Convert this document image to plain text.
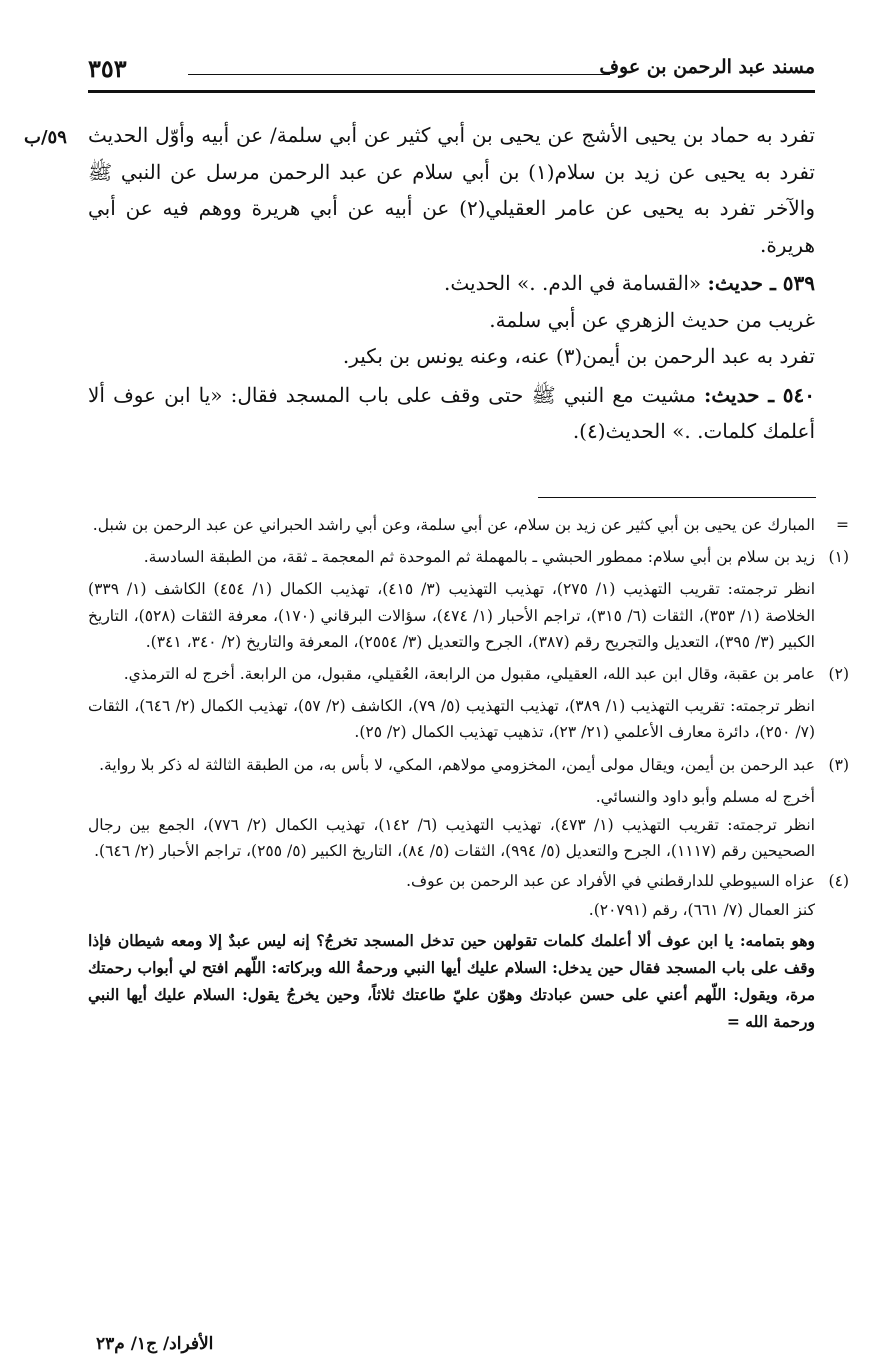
مسند عبد الرحمن بن عوف
٣٥٣
٥٩/ب تفرد به حماد بن يحيى الأشج عن يحيى بن أبي كثير عن أبي سلمة/ عن أبيه وأوّل الحديث تفرد به يحيى عن زيد بن سلام(١) بن أبي سلام عن عبد الرحمن مرسل عن النبي ﷺ والآخر تفرد به يحيى عن عامر العقيلي(٢) عن أبيه عن أبي هريرة ووهم فيه عن أبي هريرة.

٥٣٩ ـ حديث: «القسامة في الدم. .» الحديث.

غريب من حديث الزهري عن أبي سلمة.

تفرد به عبد الرحمن بن أيمن(٣) عنه، وعنه يونس بن بكير.

٥٤٠ ـ حديث: مشيت مع النبي ﷺ حتى وقف على باب المسجد فقال: «يا ابن عوف ألا أعلمك كلمات. .» الحديث(٤).

=

المبارك عن يحيى بن أبي كثير عن زيد بن سلام، عن أبي سلمة، وعن أبي راشد الحبراني عن عبد الرحمن بن شبل.

(١)

زيد بن سلام بن أبي سلام: ممطور الحبشي ـ بالمهملة ثم الموحدة ثم المعجمة ـ ثقة، من الطبقة السادسة.

انظر ترجمته: تقريب التهذيب (١/ ٢٧٥)، تهذيب التهذيب (٣/ ٤١٥)، تهذيب الكمال (١/ ٤٥٤) الكاشف (١/ ٣٣٩) الخلاصة (١/ ٣٥٣)، الثقات (٦/ ٣١٥)، تراجم الأحبار (١/ ٤٧٤)، سؤالات البرقاني (١٧٠)، معرفة الثقات (٥٢٨)، التاريخ الكبير (٣/ ٣٩٥)، التعديل والتجريح رقم (٣٨٧)، الجرح والتعديل (٣/ ٢٥٥٤)، المعرفة والتاريخ (٢/ ٣٤٠، ٣٤١).

(٢)

عامر بن عقبة، وقال ابن عبد الله، العقيلي، مقبول من الرابعة، العُقيلي، مقبول، من الرابعة. أخرج له الترمذي.

انظر ترجمته: تقريب التهذيب (١/ ٣٨٩)، تهذيب التهذيب (٥/ ٧٩)، الكاشف (٢/ ٥٧)، تهذيب الكمال (٢/ ٦٤٦)، الثقات (٧/ ٢٥٠)، دائرة معارف الأعلمي (٢١/ ٢٣)، تذهيب تهذيب الكمال (٢/ ٢٥).

(٣)

عبد الرحمن بن أيمن، ويقال مولى أيمن، المخزومي مولاهم، المكي، لا بأس به، من الطبقة الثالثة له ذكر بلا رواية.

أخرج له مسلم وأبو داود والنسائي.

انظر ترجمته: تقريب التهذيب (١/ ٤٧٣)، تهذيب التهذيب (٦/ ١٤٢)، تهذيب الكمال (٢/ ٧٧٦)، الجمع بين رجال الصحيحين رقم (١١١٧)، الجرح والتعديل (٥/ ٩٩٤)، الثقات (٥/ ٨٤)، التاريخ الكبير (٥/ ٢٥٥)، تراجم الأحبار (٢/ ٦٤٦).

(٤)

عزاه السيوطي للدارقطني في الأفراد عن عبد الرحمن بن عوف.

كنز العمال (٧/ ٦٦١)، رقم (٢٠٧٩١).

وهو بتمامه: يا ابن عوف ألا أعلمك كلمات تقولهن حين تدخل المسجد تخرجُ؟ إنه ليس عبدٌ إلا ومعه شيطان فإذا وقف على باب المسجد فقال حين يدخل: السلام عليك أيها النبي ورحمةُ الله وبركاته: اللّهم افتح لي أبواب رحمتك مرة، ويقول: اللّهم أعني على حسن عبادتك وهوّن عليّ طاعتك ثلاثاً، وحين يخرجُ يقول: السلام عليك أيها النبي ورحمة الله =
الأفراد/ ج١/ م٢٣
